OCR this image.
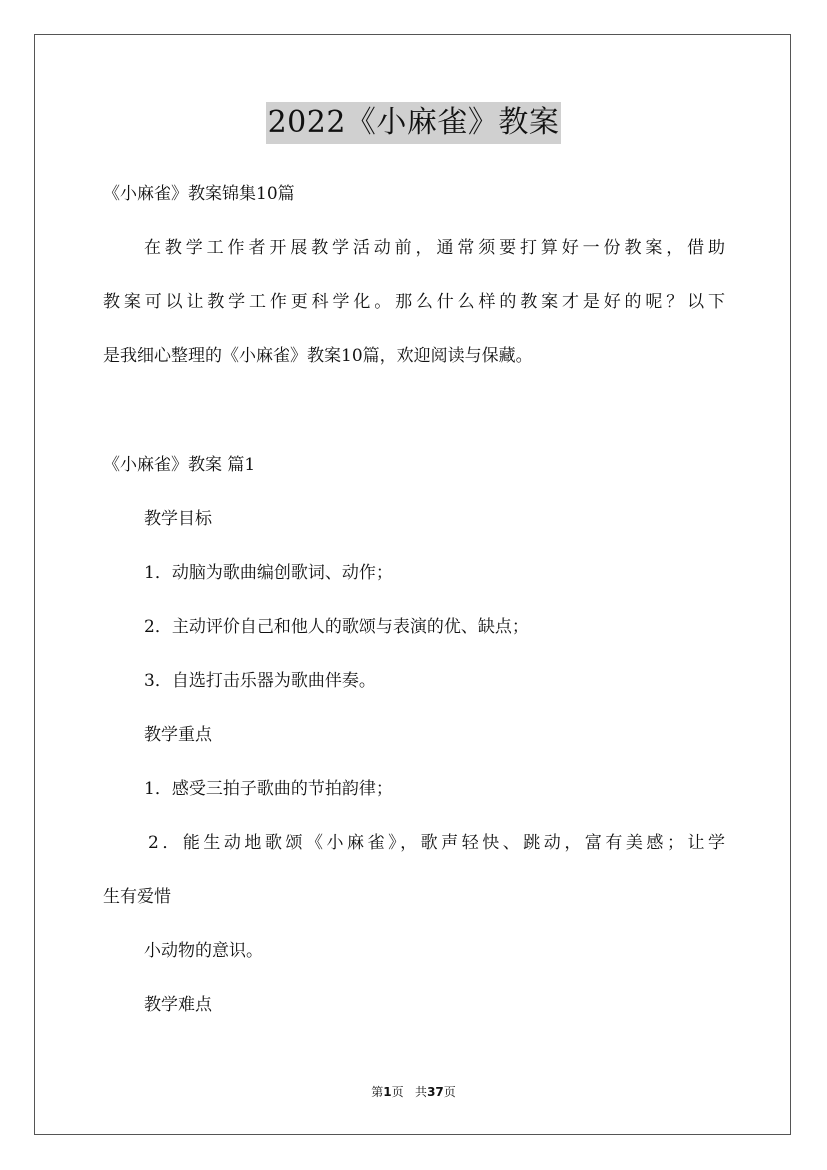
2022《小麻雀》教案
《小麻雀》教案锦集10篇
在教学工作者开展教学活动前，通常须要打算好一份教案，借助
教案可以让教学工作更科学化。那么什么样的教案才是好的呢？以下
是我细心整理的《小麻雀》教案10篇，欢迎阅读与保藏。
《小麻雀》教案 篇1
教学目标
1．动脑为歌曲编创歌词、动作；
2．主动评价自己和他人的歌颂与表演的优、缺点；
3．自选打击乐器为歌曲伴奏。
教学重点
1．感受三拍子歌曲的节拍韵律；
2．能生动地歌颂《小麻雀》，歌声轻快、跳动，富有美感；让学
生有爱惜
小动物的意识。
教学难点
第1页 共37页
